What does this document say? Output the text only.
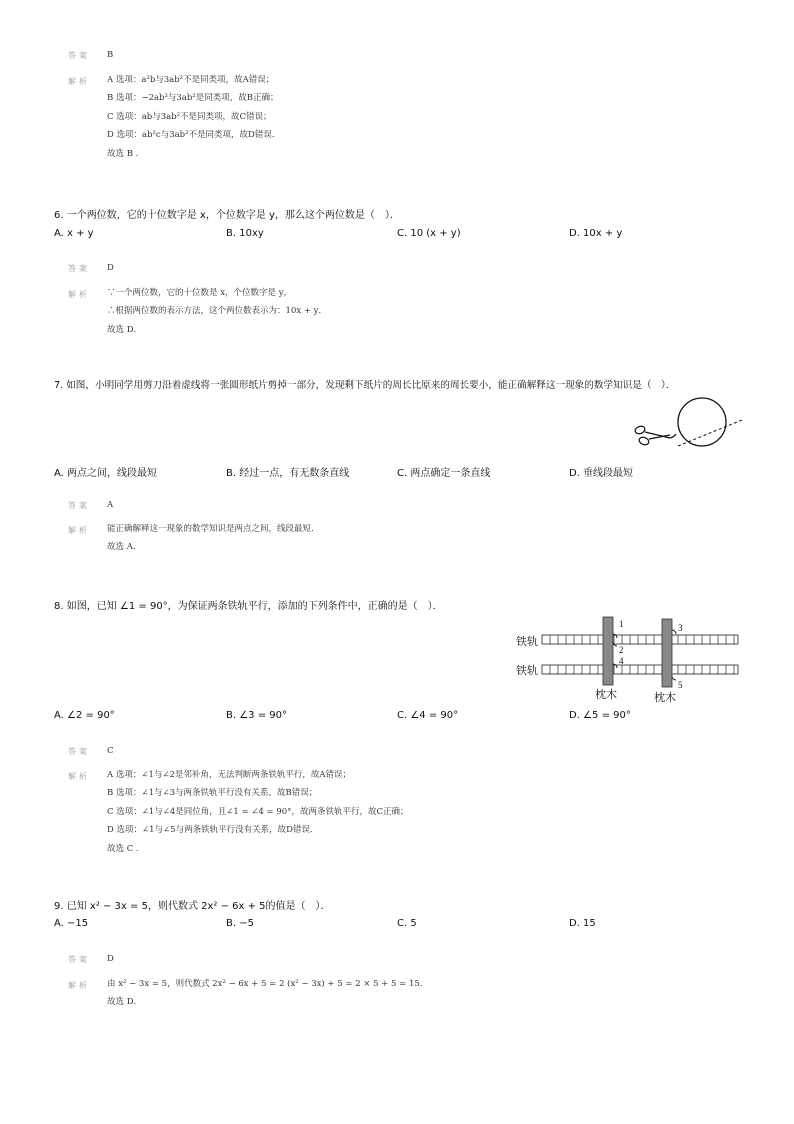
答案 B
解析 A 选项：a²b与3ab²不是同类项，故A错误；
B 选项：−2ab²与3ab²是同类项，故B正确；
C 选项：ab与3ab²不是同类项，故C错误；
D 选项：ab²c与3ab²不是同类项，故D错误．
故选 B .
6. 一个两位数，它的十位数字是 x，个位数字是 y，那么这个两位数是（　）．
A. x + y	B. 10xy	C. 10 (x + y)	D. 10x + y
答案 D
解析 ∵一个两位数，它的十位数是 x，个位数字是 y，
∴根据两位数的表示方法，这个两位数表示为：10x + y．
故选 D．
7. 如图，小明同学用剪刀沿着虚线将一张圆形纸片剪掉一部分，发现剩下纸片的周长比原来的周长要小，能正确解释这一现象的数学知识是（　）．
A. 两点之间，线段最短	B. 经过一点，有无数条直线	C. 两点确定一条直线	D. 垂线段最短
答案 A
解析 能正确解释这一现象的数学知识是两点之间，线段最短．
故选 A．
8. 如图，已知 ∠1 = 90°，为保证两条铁轨平行，添加的下列条件中，正确的是（　）．
1
2
3
4
5
铁轨
铁轨
枕木	枕木
A. ∠2 = 90°	B. ∠3 = 90°	C. ∠4 = 90°	D. ∠5 = 90°
答案 C
解析 A 选项：∠1与∠2是邻补角，无法判断两条铁轨平行，故A错误；
B 选项：∠1与∠3与两条铁轨平行没有关系，故B错误；
C 选项：∠1与∠4是同位角，且∠1 = ∠4 = 90°，故两条铁轨平行，故C正确；
D 选项：∠1与∠5与两条铁轨平行没有关系，故D错误．
故选 C .
9. 已知 x² − 3x = 5，则代数式 2x² − 6x + 5的值是（　）．
A. −15	B. −5	C. 5	D. 15
答案 D
解析 由 x² − 3x = 5，则代数式 2x² − 6x + 5 = 2 (x² − 3x) + 5 = 2 × 5 + 5 = 15．
故选 D．
